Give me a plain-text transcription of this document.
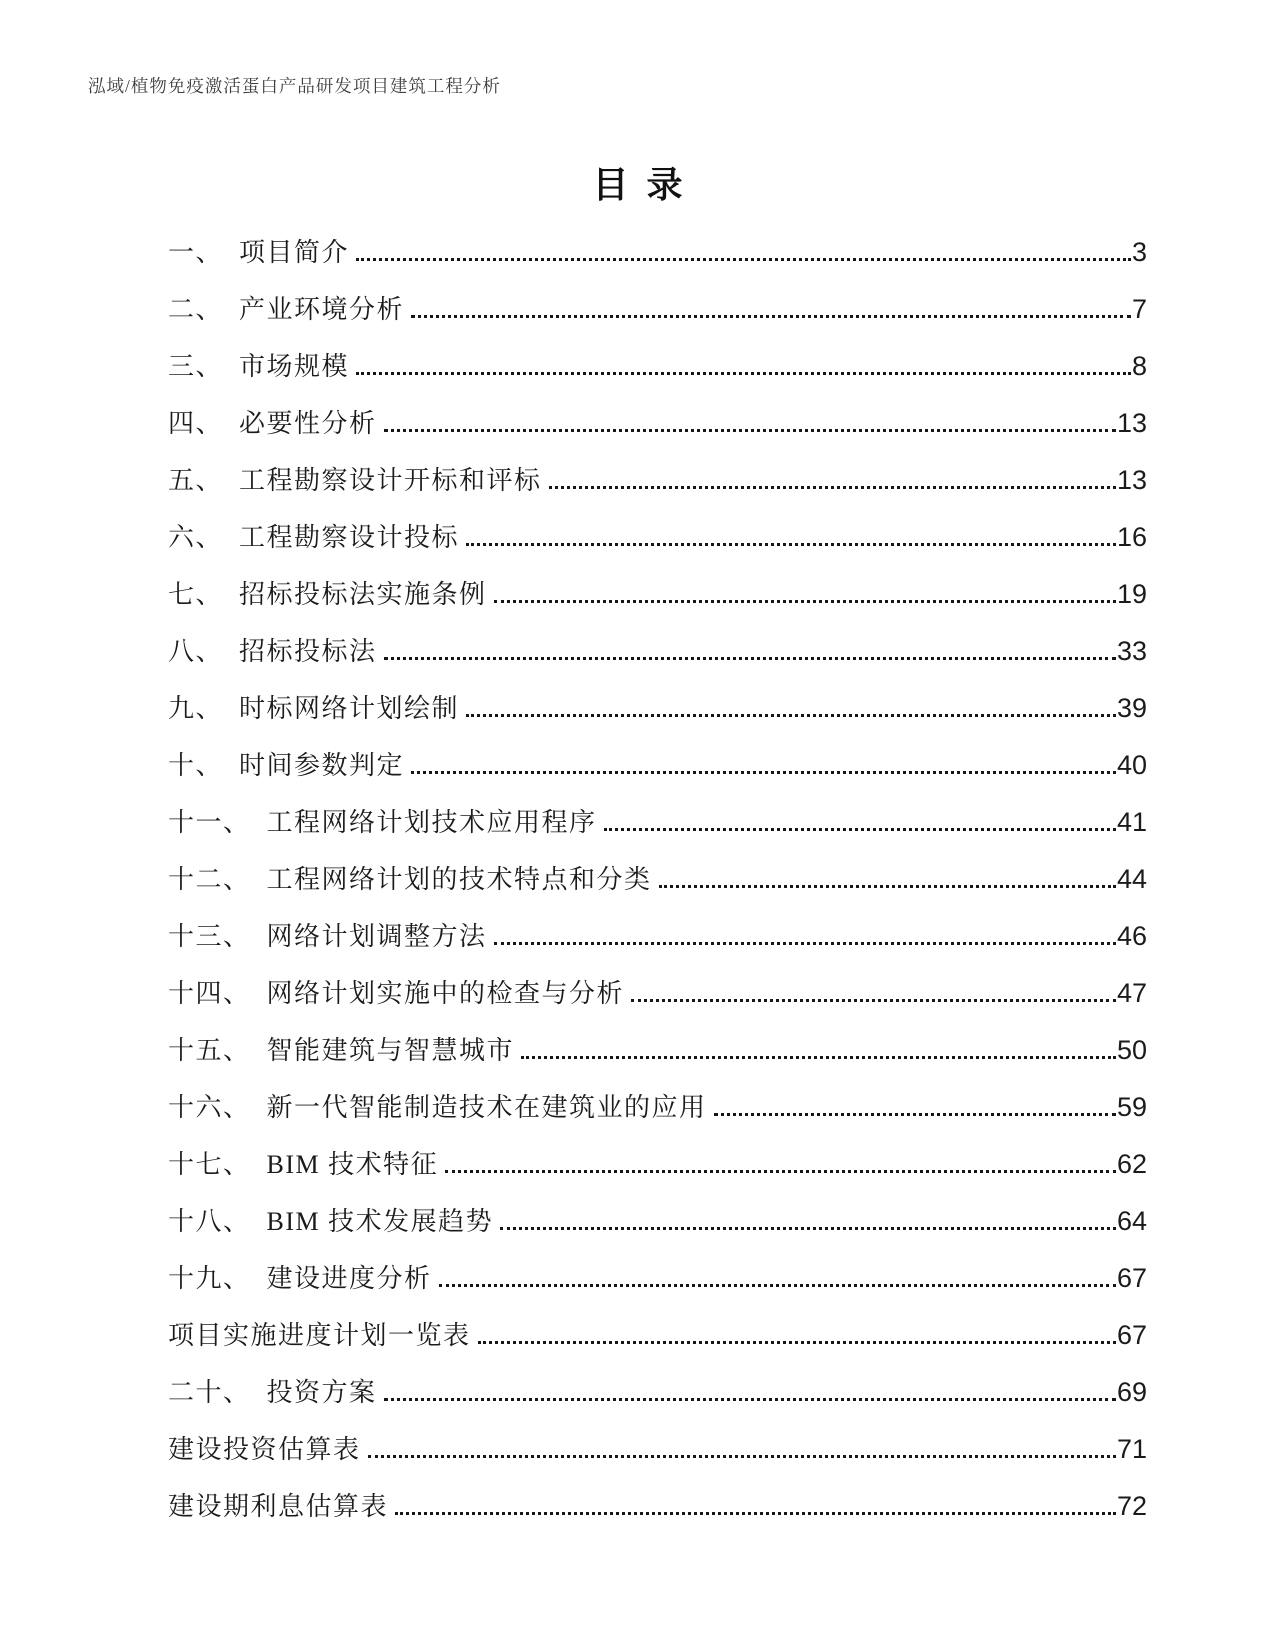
泓域/植物免疫激活蛋白产品研发项目建筑工程分析
目录
一、 项目简介	3
二、 产业环境分析	7
三、 市场规模	8
四、 必要性分析	13
五、 工程勘察设计开标和评标	13
六、 工程勘察设计投标	16
七、 招标投标法实施条例	19
八、 招标投标法	33
九、 时标网络计划绘制	39
十、 时间参数判定	40
十一、 工程网络计划技术应用程序	41
十二、 工程网络计划的技术特点和分类	44
十三、 网络计划调整方法	46
十四、 网络计划实施中的检查与分析	47
十五、 智能建筑与智慧城市	50
十六、 新一代智能制造技术在建筑业的应用	59
十七、 BIM 技术特征	62
十八、 BIM 技术发展趋势	64
十九、 建设进度分析	67
项目实施进度计划一览表	67
二十、 投资方案	69
建设投资估算表	71
建设期利息估算表	72
